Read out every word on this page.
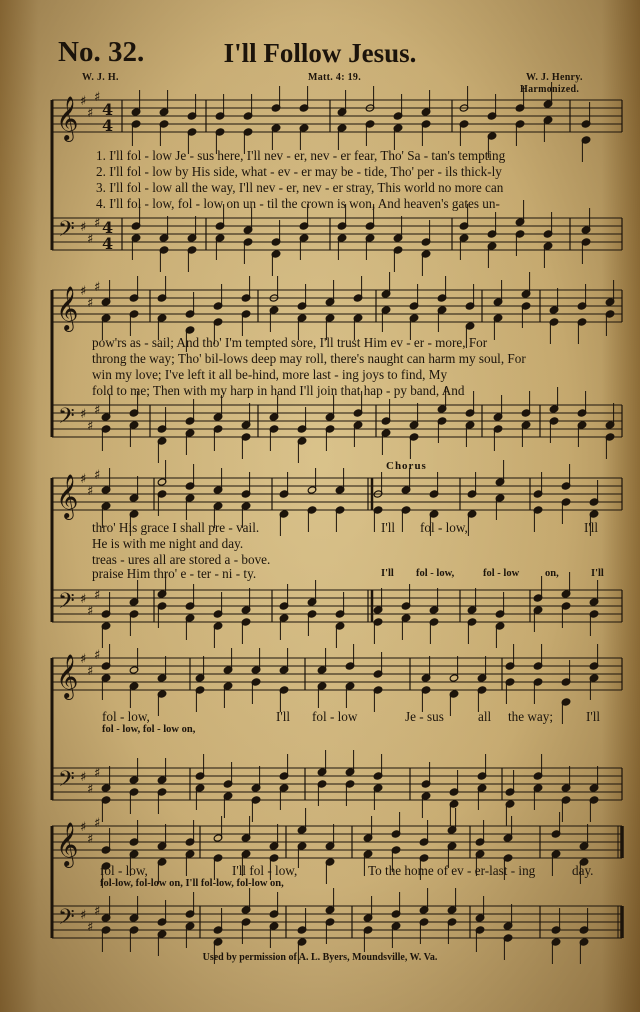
No. 32.	I'll Follow Jesus.
W. J. H.	Matt. 4: 19.	W. J. Henry.
Harmonized.
𝄞
𝄢
♯
♯
♯
♯
♯
♯
4
4
4
4
𝄞
𝄢
♯
♯
♯
♯
♯
♯
𝄞
𝄢
♯
♯
♯
♯
♯
♯
𝄞
𝄢
♯
♯
♯
♯
♯
♯
𝄞
𝄢
♯
♯
♯
♯
♯
♯
1. I'll fol - low Je - sus here, I'll nev - er, nev - er fear, Tho' Sa - tan's tempting
2. I'll fol - low by His side, what - ev - er may be - tide, Tho' per - ils thick-ly
3. I'll fol - low all the way, I'll nev - er, nev - er stray, This world no more can
4. I'll fol - low, fol - low on un - til the crown is won, And heaven's gates un-
pow'rs as - sail; And tho' I'm tempted sore, I'll trust Him ev - er - more, For
throng the way; Tho' bil-lows deep may roll, there's naught can harm my soul, For
win my love; I've left it all be-hind, more last - ing joys to find, My
fold to me; Then with my harp in hand I'll join that hap - py band, And
Chorus
thro' His grace I shall pre - vail.
He is with me night and day.
treas - ures all are stored a - bove.
praise Him thro' e - ter - ni - ty.
I'll fol - low,	I'll
I'll fol - low,	fol - low on,	I'll
fol - low,	I'll fol - low	Je - sus	all the way; I'll
fol - low, fol - low on,
fol - low,	I'll fol - low,	To the home of ev - er-last - ing	day.
fol-low, fol-low on, I'll fol-low, fol-low on,
Used by permission of A. L. Byers, Moundsville, W. Va.
